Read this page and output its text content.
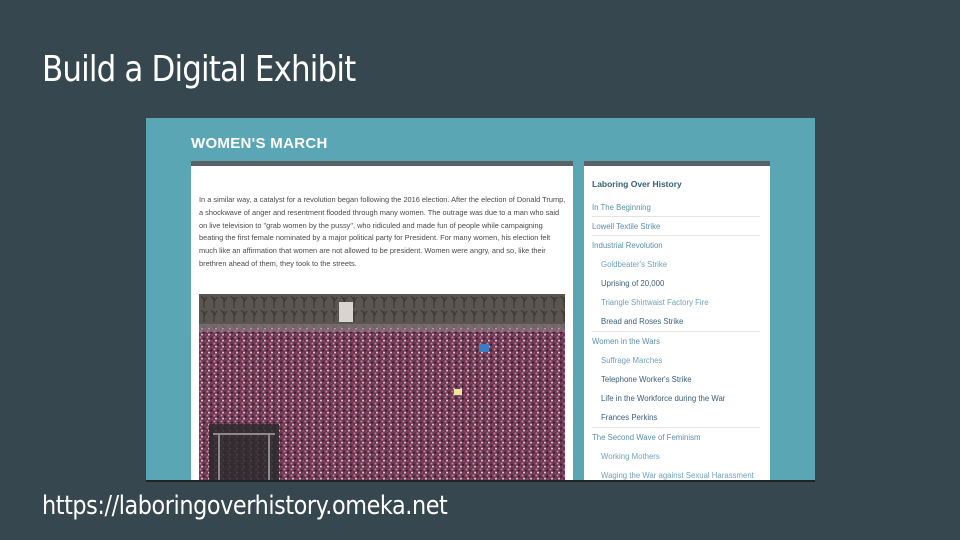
Build a Digital Exhibit
WOMEN'S MARCH

In a similar way, a catalyst for a revolution began following the 2016 election. After the election of Donald Trump, a shockwave of anger and resentment flooded through many women. The outrage was due to a man who said on live television to "grab women by the pussy", who ridiculed and made fun of people while campaigning beating the first female nominated by a major political party for President. For many women, his election felt much like an affirmation that women are not allowed to be president. Women were angry, and so, like their brethren ahead of them, they took to the streets.

Laboring Over History
In The Beginning
Lowell Textile Strike
Industrial Revolution
Goldbeater's Strike
Uprising of 20,000
Triangle Shirtwaist Factory Fire
Bread and Roses Strike
Women in the Wars
Suffrage Marches
Telephone Worker's Strike
Life in the Workforce during the War
Frances Perkins
The Second Wave of Feminism
Working Mothers
Waging the War against Sexual Harassment
https://laboringoverhistory.omeka.net
